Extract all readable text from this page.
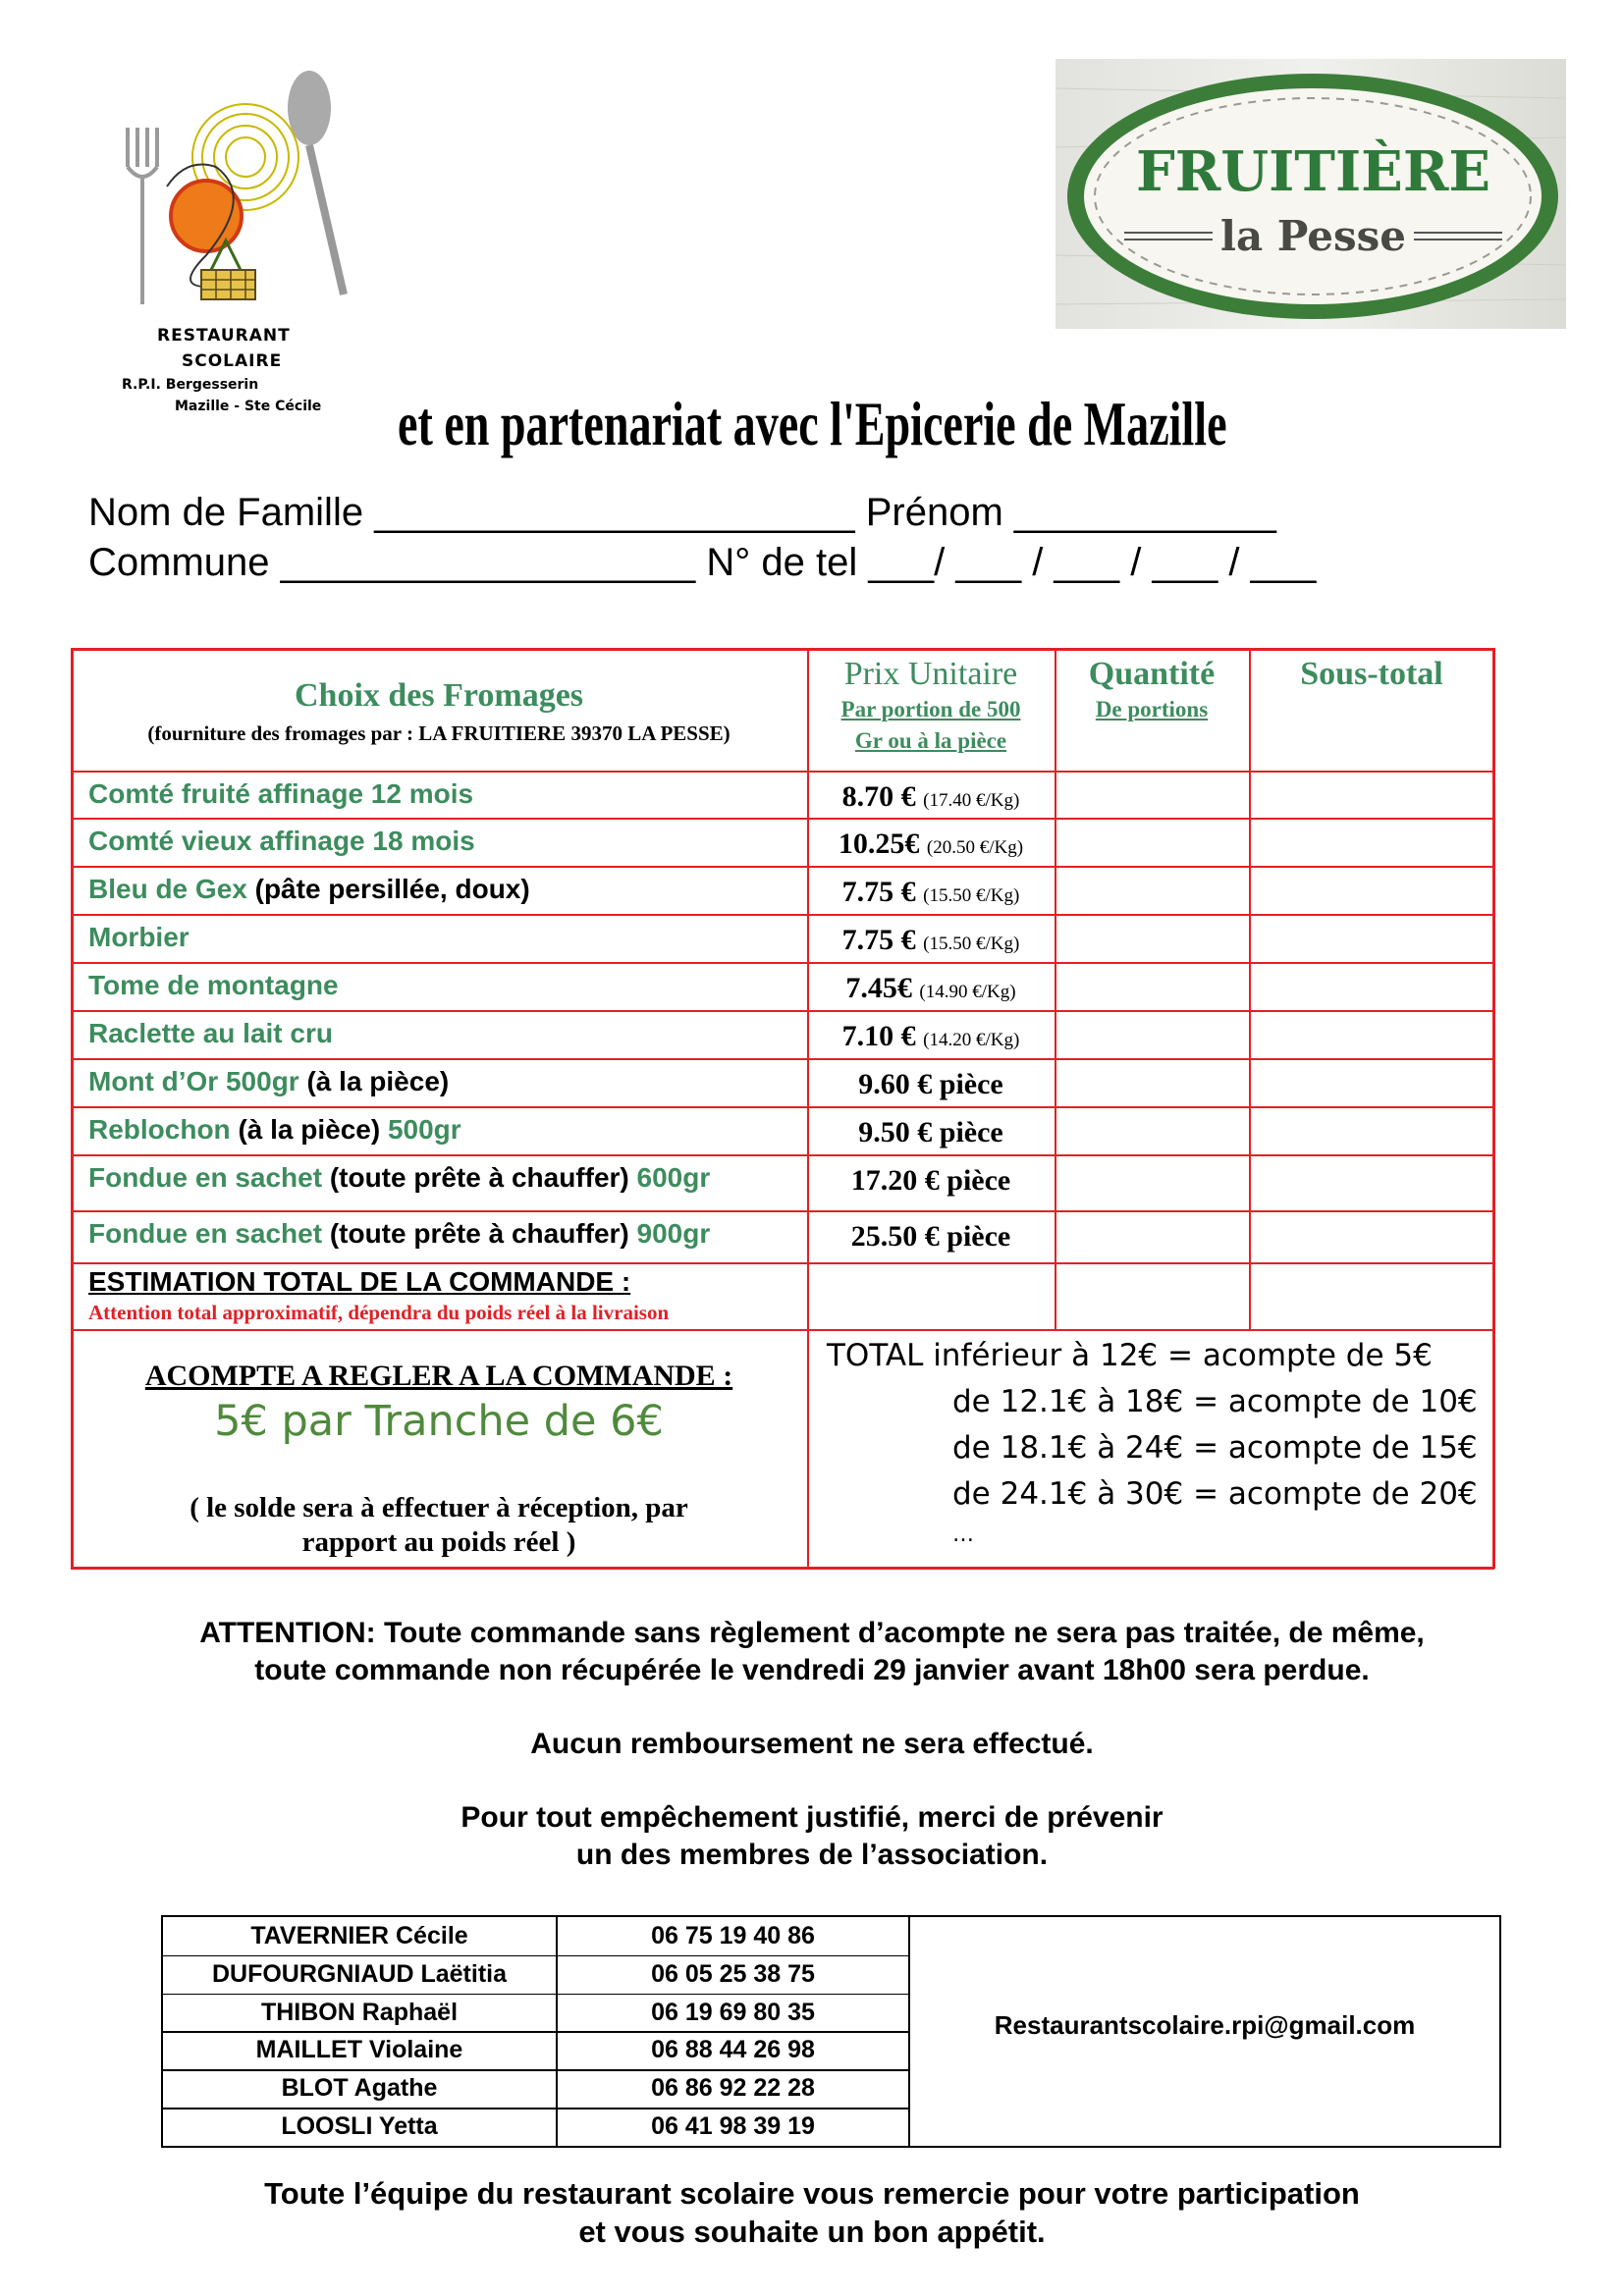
RESTAURANT
SCOLAIRE
R.P.I. Bergesserin
Mazille - Ste Cécile
FRUITIÈRE
la Pesse
et en partenariat avec l'Epicerie de Mazille
Nom de Famille ______________________ Prénom ____________
Commune ___________________ N° de tel ___/ ___ / ___ / ___ / ___
Choix des Fromages
(fourniture des fromages par : LA FRUITIERE 39370 LA PESSE)
Prix Unitaire
Par portion de 500
Gr ou à la pièce
Quantité
De portions
Sous-total
Comté fruité affinage 12 mois	8.70 € (17.40 €/Kg)
Comté vieux affinage 18 mois	10.25€ (20.50 €/Kg)
Bleu de Gex (pâte persillée, doux)	7.75 € (15.50 €/Kg)
Morbier	7.75 € (15.50 €/Kg)
Tome de montagne	7.45€ (14.90 €/Kg)
Raclette au lait cru	7.10 € (14.20 €/Kg)
Mont d’Or 500gr (à la pièce)	9.60 € pièce
Reblochon (à la pièce) 500gr	9.50 € pièce
Fondue en sachet (toute prête à chauffer) 600gr	17.20 € pièce
Fondue en sachet (toute prête à chauffer) 900gr	25.50 € pièce
ESTIMATION TOTAL DE LA COMMANDE :
Attention total approximatif, dépendra du poids réel à la livraison
ACOMPTE A REGLER A LA COMMANDE :
5€ par Tranche de 6€
( le solde sera à effectuer à réception, par
rapport au poids réel )
TOTAL inférieur à 12€ = acompte de 5€
de 12.1€ à 18€ = acompte de 10€
de 18.1€ à 24€ = acompte de 15€
de 24.1€ à 30€ = acompte de 20€
…
ATTENTION: Toute commande sans règlement d’acompte ne sera pas traitée, de même,
toute commande non récupérée le vendredi 29 janvier avant 18h00 sera perdue.
Aucun remboursement ne sera effectué.
Pour tout empêchement justifié, merci de prévenir
un des membres de l’association.
TAVERNIER Cécile	06 75 19 40 86
DUFOURGNIAUD Laëtitia	06 05 25 38 75
THIBON Raphaël	06 19 69 80 35
MAILLET Violaine	06 88 44 26 98
BLOT Agathe	06 86 92 22 28
LOOSLI Yetta	06 41 98 39 19
Restaurantscolaire.rpi@gmail.com
Toute l’équipe du restaurant scolaire vous remercie pour votre participation
et vous souhaite un bon appétit.
